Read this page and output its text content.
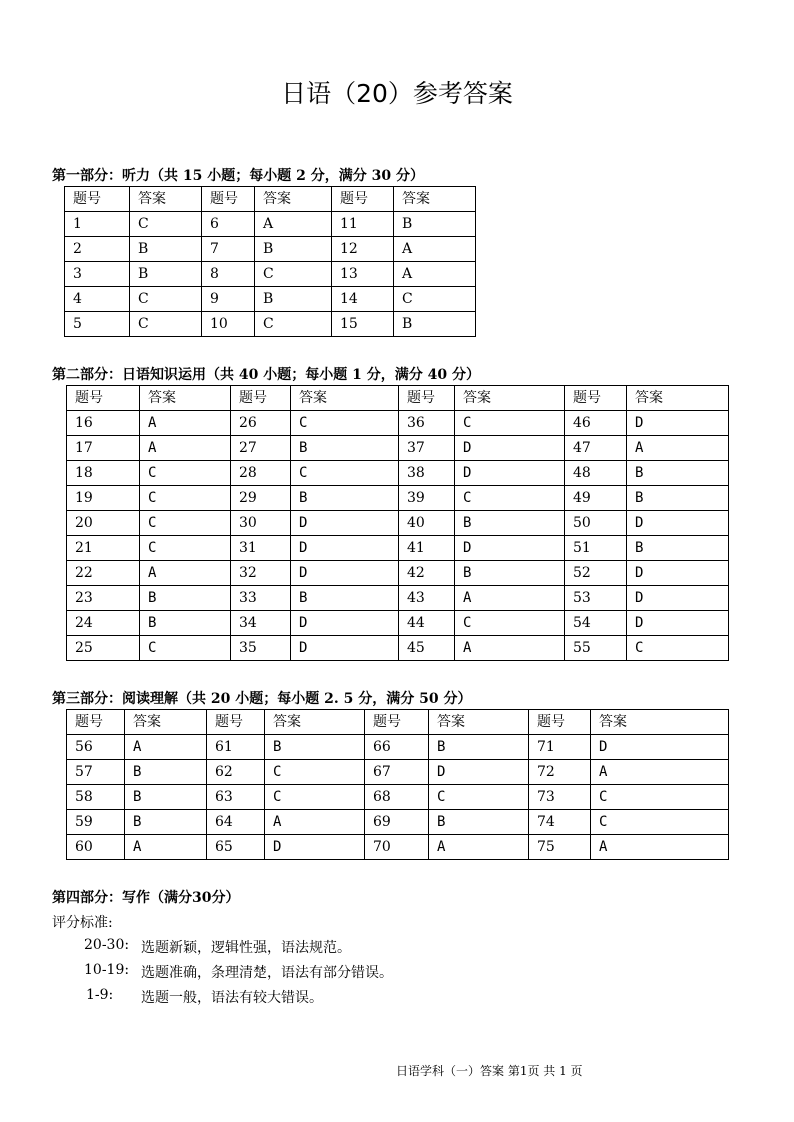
日语（20）参考答案
第一部分：听力（共 15 小题；每小题 2 分，满分 30 分）
题号	答案	题号	答案	题号	答案
1	C	6	A	11	B
2	B	7	B	12	A
3	B	8	C	13	A
4	C	9	B	14	C
5	C	10	C	15	B
第二部分：日语知识运用（共 40 小题；每小题 1 分，满分 40 分）
题号	答案	题号	答案	题号	答案	题号	答案
16	A	26	C	36	C	46	D
17	A	27	B	37	D	47	A
18	C	28	C	38	D	48	B
19	C	29	B	39	C	49	B
20	C	30	D	40	B	50	D
21	C	31	D	41	D	51	B
22	A	32	D	42	B	52	D
23	B	33	B	43	A	53	D
24	B	34	D	44	C	54	D
25	C	35	D	45	A	55	C
第三部分：阅读理解（共 20 小题；每小题 2. 5 分，满分 50 分）
题号	答案	题号	答案	题号	答案	题号	答案
56	A	61	B	66	B	71	D
57	B	62	C	67	D	72	A
58	B	63	C	68	C	73	C
59	B	64	A	69	B	74	C
60	A	65	D	70	A	75	A
第四部分：写作（满分30分）
评分标准:
20-30: 选题新颖，逻辑性强，语法规范。
10-19: 选题准确，条理清楚，语法有部分错误。
1-9: 选题一般，语法有较大错误。
日语学科（一）答案 第1页 共 1 页
